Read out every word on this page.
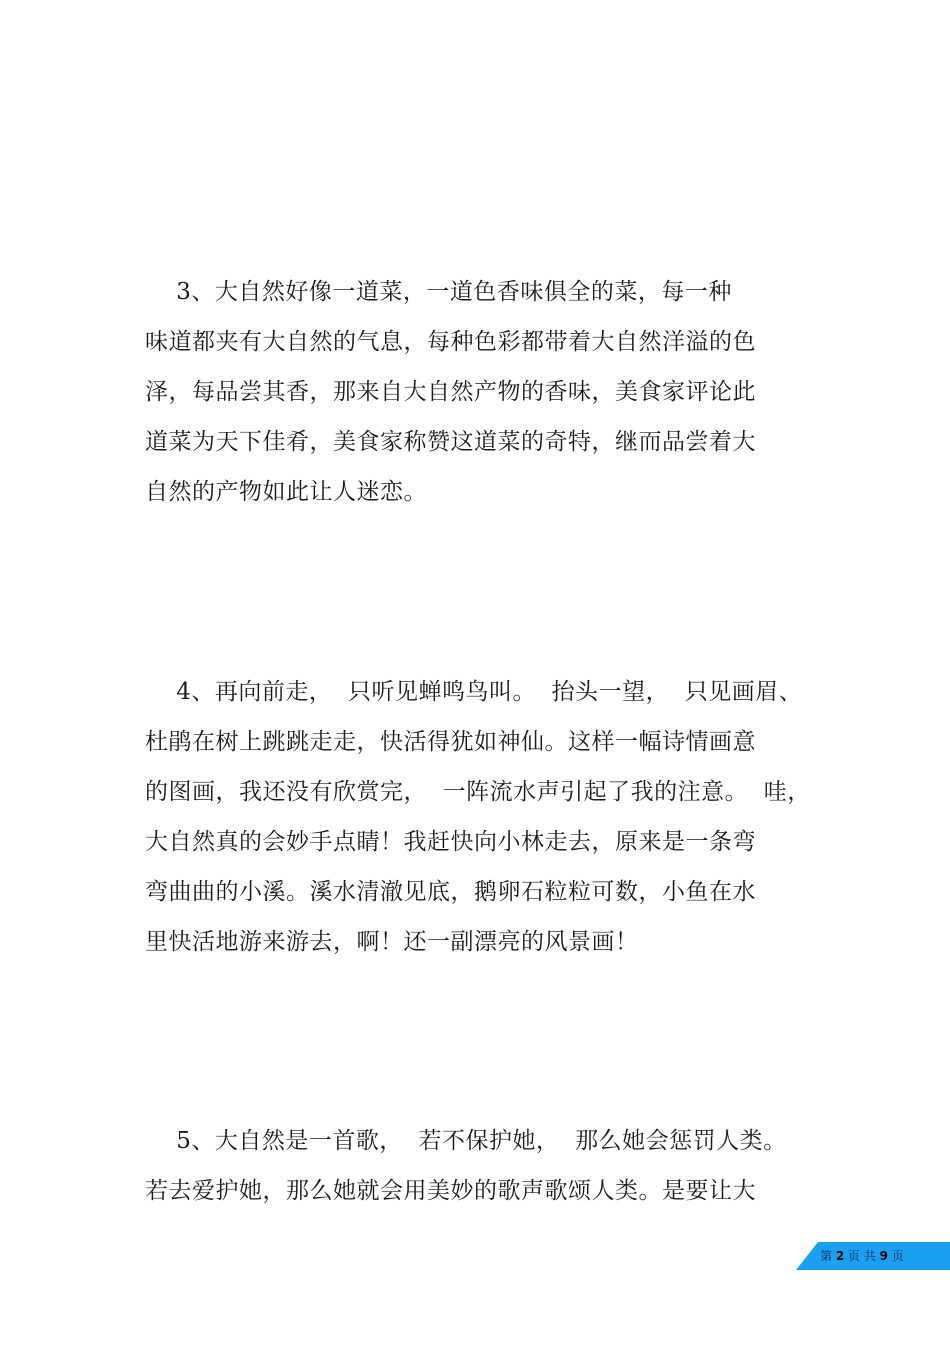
3、大自然好像一道菜，一道色香味俱全的菜，每一种
味道都夹有大自然的气息，每种色彩都带着大自然洋溢的色
泽，每品尝其香，那来自大自然产物的香味，美食家评论此
道菜为天下佳肴，美食家称赞这道菜的奇特，继而品尝着大
自然的产物如此让人迷恋。
4、再向前走，  只听见蝉鸣鸟叫。  抬头一望，  只见画眉、
杜鹃在树上跳跳走走，快活得犹如神仙。这样一幅诗情画意
的图画，我还没有欣赏完，  一阵流水声引起了我的注意。  哇，
大自然真的会妙手点睛！我赶快向小林走去，原来是一条弯
弯曲曲的小溪。溪水清澈见底，鹅卵石粒粒可数，小鱼在水
里快活地游来游去，啊！还一副漂亮的风景画！
5、大自然是一首歌，  若不保护她，  那么她会惩罚人类。
若去爱护她，那么她就会用美妙的歌声歌颂人类。是要让大
第 2 页 共 9 页
